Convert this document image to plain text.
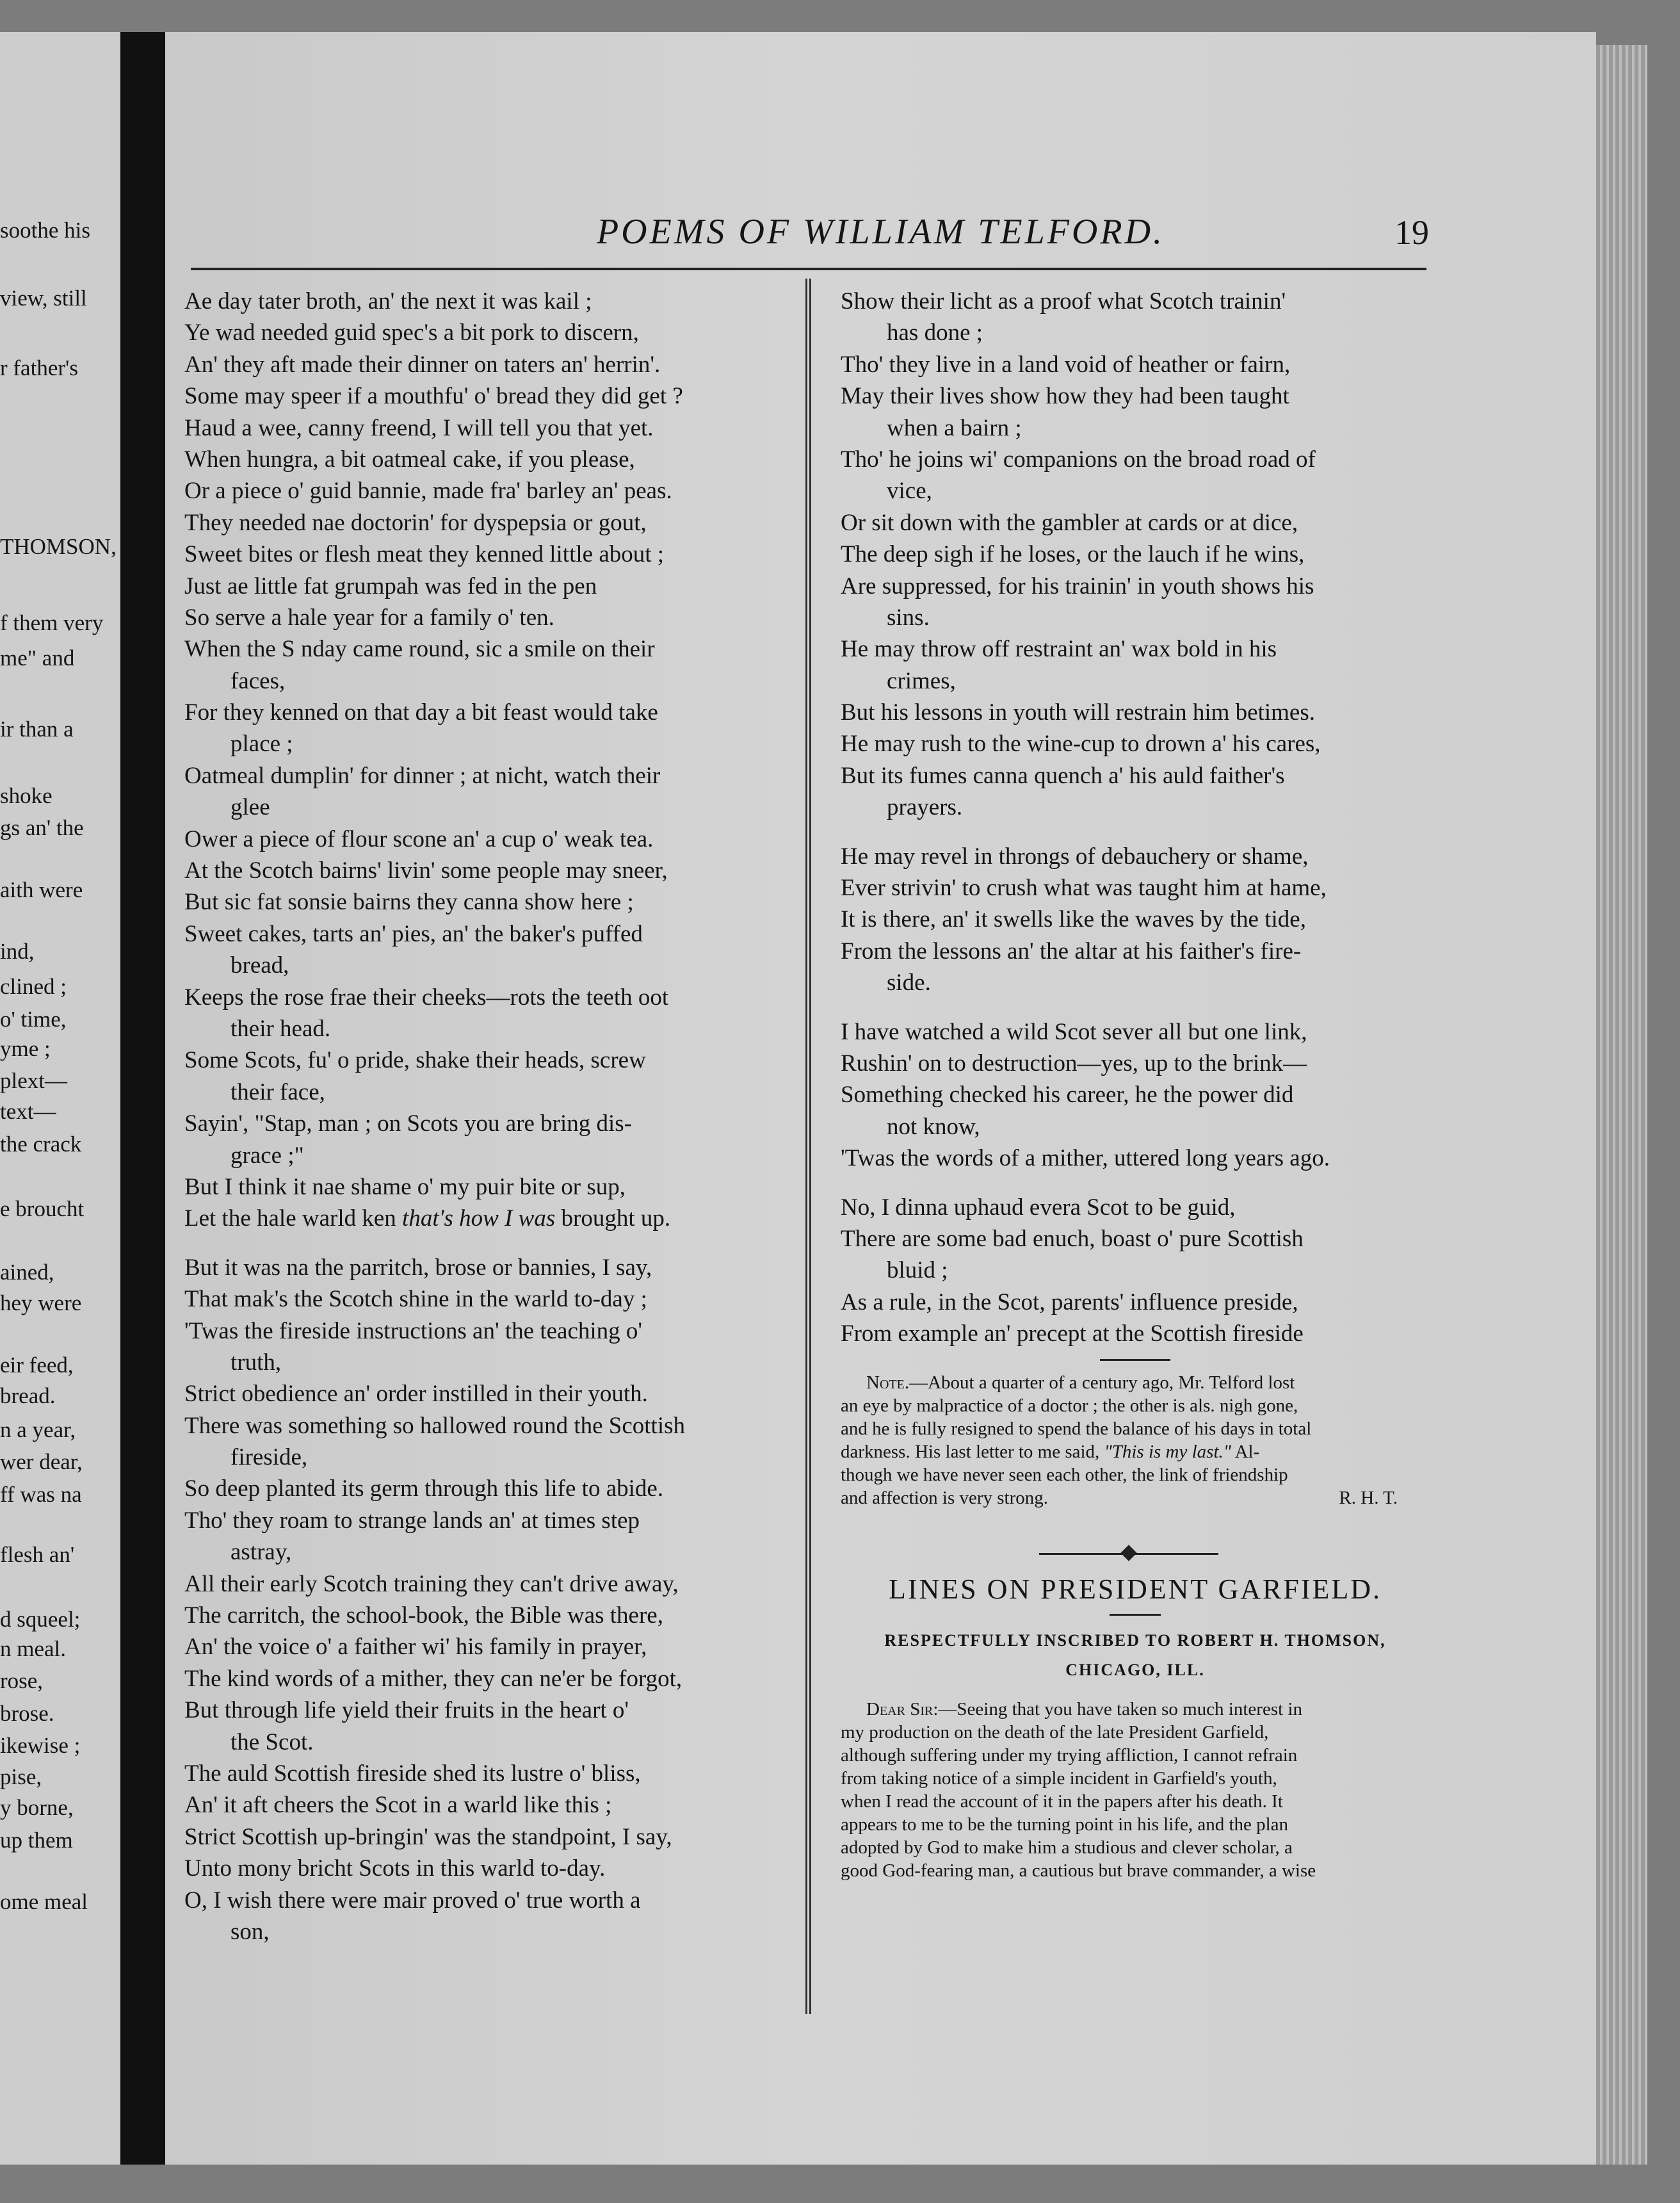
soothe his
view, still
r father's
THOMSON,
f them very
me" and
ir than a
shoke
gs an' the
aith were
ind,
clined ;
o' time,
yme ;
plext—
text—
the crack
e broucht
ained,
hey were
eir feed,
bread.
n a year,
wer dear,
ff was na
flesh an'
d squeel;
n meal.
rose,
brose.
ikewise ;
pise,
y borne,
up them
ome meal
POEMS OF WILLIAM TELFORD.	19
Ae day tater broth, an' the next it was kail ;
Ye wad needed guid spec's a bit pork to discern,
An' they aft made their dinner on taters an' herrin'.
Some may speer if a mouthfu' o' bread they did get ?
Haud a wee, canny freend, I will tell you that yet.
When hungra, a bit oatmeal cake, if you please,
Or a piece o' guid bannie, made fra' barley an' peas.
They needed nae doctorin' for dyspepsia or gout,
Sweet bites or flesh meat they kenned little about ;
Just ae little fat grumpah was fed in the pen
So serve a hale year for a family o' ten.
When the S nday came round, sic a smile on their
faces,
For they kenned on that day a bit feast would take
place ;
Oatmeal dumplin' for dinner ; at nicht, watch their
glee
Ower a piece of flour scone an' a cup o' weak tea.
At the Scotch bairns' livin' some people may sneer,
But sic fat sonsie bairns they canna show here ;
Sweet cakes, tarts an' pies, an' the baker's puffed
bread,
Keeps the rose frae their cheeks—rots the teeth oot
their head.
Some Scots, fu' o pride, shake their heads, screw
their face,
Sayin', "Stap, man ; on Scots you are bring dis-
grace ;"
But I think it nae shame o' my puir bite or sup,
Let the hale warld ken that's how I was brought up.
But it was na the parritch, brose or bannies, I say,
That mak's the Scotch shine in the warld to-day ;
'Twas the fireside instructions an' the teaching o'
truth,
Strict obedience an' order instilled in their youth.
There was something so hallowed round the Scottish
fireside,
So deep planted its germ through this life to abide.
Tho' they roam to strange lands an' at times step
astray,
All their early Scotch training they can't drive away,
The carritch, the school-book, the Bible was there,
An' the voice o' a faither wi' his family in prayer,
The kind words of a mither, they can ne'er be forgot,
But through life yield their fruits in the heart o'
the Scot.
The auld Scottish fireside shed its lustre o' bliss,
An' it aft cheers the Scot in a warld like this ;
Strict Scottish up-bringin' was the standpoint, I say,
Unto mony bricht Scots in this warld to-day.
O, I wish there were mair proved o' true worth a
son,
Show their licht as a proof what Scotch trainin'
has done ;
Tho' they live in a land void of heather or fairn,
May their lives show how they had been taught
when a bairn ;
Tho' he joins wi' companions on the broad road of
vice,
Or sit down with the gambler at cards or at dice,
The deep sigh if he loses, or the lauch if he wins,
Are suppressed, for his trainin' in youth shows his
sins.
He may throw off restraint an' wax bold in his
crimes,
But his lessons in youth will restrain him betimes.
He may rush to the wine-cup to drown a' his cares,
But its fumes canna quench a' his auld faither's
prayers.
He may revel in throngs of debauchery or shame,
Ever strivin' to crush what was taught him at hame,
It is there, an' it swells like the waves by the tide,
From the lessons an' the altar at his faither's fire-
side.
I have watched a wild Scot sever all but one link,
Rushin' on to destruction—yes, up to the brink—
Something checked his career, he the power did
not know,
'Twas the words of a mither, uttered long years ago.
No, I dinna uphaud evera Scot to be guid,
There are some bad enuch, boast o' pure Scottish
bluid ;
As a rule, in the Scot, parents' influence preside,
From example an' precept at the Scottish fireside
Note.—About a quarter of a century ago, Mr. Telford lost
an eye by malpractice of a doctor ; the other is als. nigh gone,
and he is fully resigned to spend the balance of his days in total
darkness. His last letter to me said, "This is my last." Al-
though we have never seen each other, the link of friendship
and affection is very strong.	R. H. T.
LINES ON PRESIDENT GARFIELD.
RESPECTFULLY INSCRIBED TO ROBERT H. THOMSON,
CHICAGO, ILL.
Dear Sir:—Seeing that you have taken so much interest in
my production on the death of the late President Garfield,
although suffering under my trying affliction, I cannot refrain
from taking notice of a simple incident in Garfield's youth,
when I read the account of it in the papers after his death. It
appears to me to be the turning point in his life, and the plan
adopted by God to make him a studious and clever scholar, a
good God-fearing man, a cautious but brave commander, a wise
